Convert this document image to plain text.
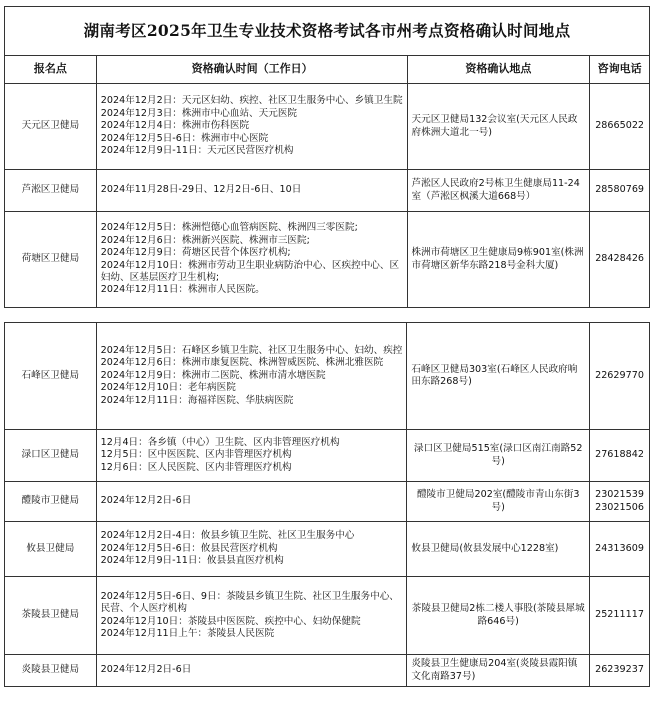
湖南考区2025年卫生专业技术资格考试各市州考点资格确认时间地点			
报名点	资格确认时间（工作日）	资格确认地点	咨询电话
天元区卫健局	2024年12月2日：天元区妇幼、疾控、社区卫生服务中心、乡镇卫生院
2024年12月3日：株洲市中心血站、天元医院
2024年12月4日：株洲市伤科医院
2024年12月5日-6日：株洲市中心医院
2024年12月9日-11日：天元区民营医疗机构	天元区卫健局132会议室(天元区人民政府株洲大道北一号)	28665022
芦淞区卫健局	2024年11月28日-29日、12月2日-6日、10日	芦淞区人民政府2号栋卫生健康局11-24室（芦淞区枫溪大道668号）	28580769
荷塘区卫健局	2024年12月5日：株洲恺德心血管病医院、株洲四三零医院;
2024年12月6日：株洲新兴医院、株洲市三医院;
2024年12月9日：荷塘区民营个体医疗机构;
2024年12月10日：株洲市劳动卫生职业病防治中心、区疾控中心、区妇幼、区基层医疗卫生机构;
2024年12月11日：株洲市人民医院。	株洲市荷塘区卫生健康局9栋901室(株洲市荷塘区新华东路218号金科大厦)	28428426
石峰区卫健局	2024年12月5日：石峰区乡镇卫生院、社区卫生服务中心、妇幼、疾控
2024年12月6日：株洲市康复医院、株洲智威医院、株洲北雅医院
2024年12月9日：株洲市二医院、株洲市清水塘医院
2024年12月10日：老年病医院
2024年12月11日：海福祥医院、华肤病医院	石峰区卫健局303室(石峰区人民政府响田东路268号)	22629770
渌口区卫健局	12月4日：各乡镇（中心）卫生院、区内非管理医疗机构
12月5日：区中医医院、区内非管理医疗机构
12月6日：区人民医院、区内非管理医疗机构	渌口区卫健局515室(渌口区南江南路52号)	27618842
醴陵市卫健局	2024年12月2日-6日	醴陵市卫健局202室(醴陵市青山东街3号)	23021539 23021506

攸县卫健局	2024年12月2日-4日：攸县乡镇卫生院、社区卫生服务中心
2024年12月5日-6日：攸县民营医疗机构
2024年12月9日-11日：攸县县直医疗机构	攸县卫健局(攸县发展中心1228室)	24313609
茶陵县卫健局	2024年12月5日-6日、9日：茶陵县乡镇卫生院、社区卫生服务中心、民营、个人医疗机构
2024年12月10日：茶陵县中医医院、疾控中心、妇幼保健院
2024年12月11日上午：茶陵县人民医院	茶陵县卫健局2栋二楼人事股(茶陵县犀城路646号)	25211117
炎陵县卫健局	2024年12月2日-6日	炎陵县卫生健康局204室(炎陵县霞阳镇文化南路37号)	26239237
